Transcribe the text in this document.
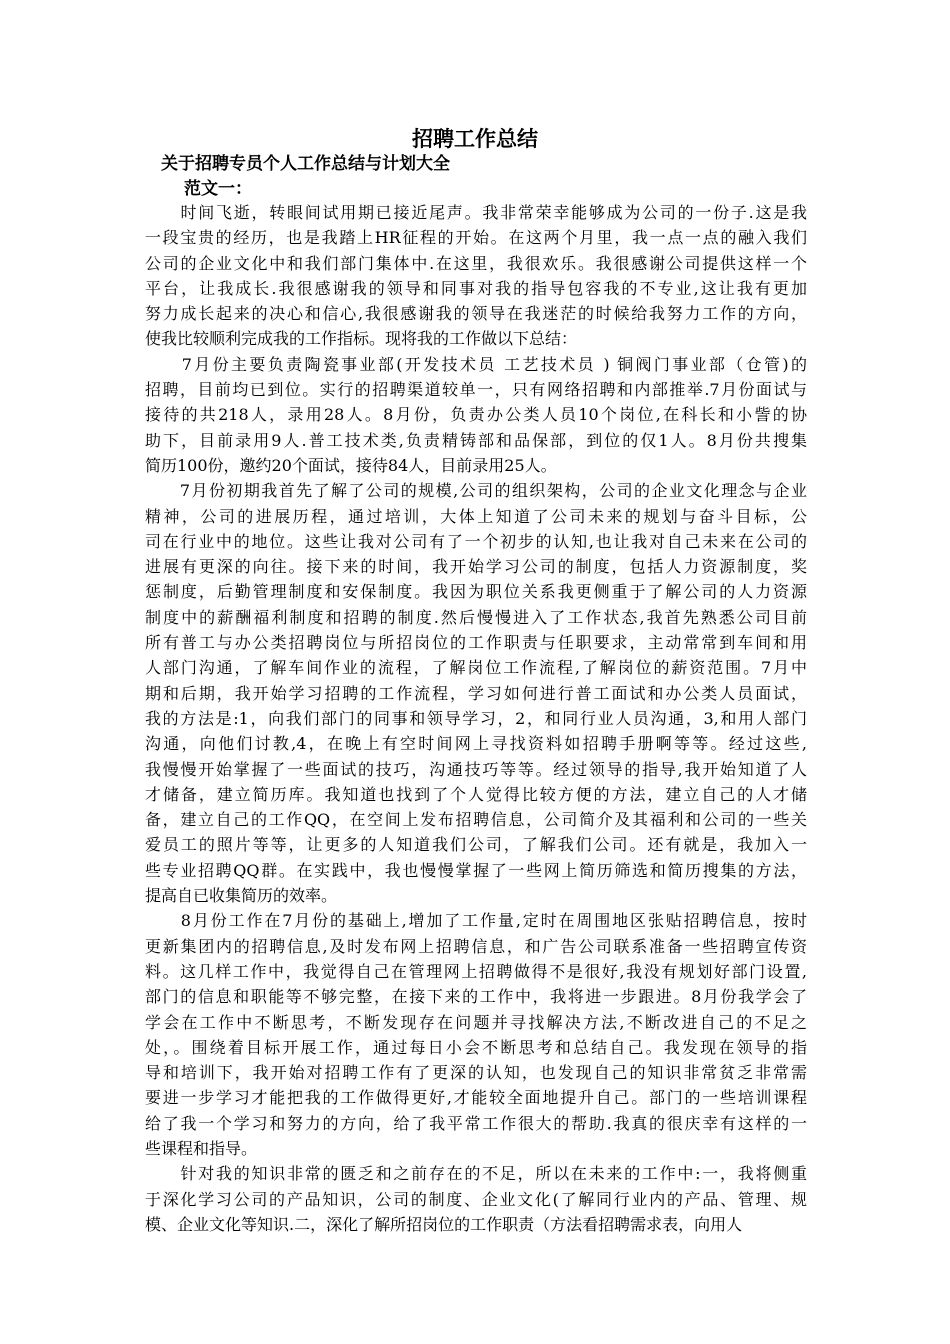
招聘工作总结
关于招聘专员个人工作总结与计划大全
范文一：
　　时间飞逝，转眼间试用期已接近尾声。我非常荣幸能够成为公司的一份子.这是我
一段宝贵的经历，也是我踏上HR征程的开始。在这两个月里，我一点一点的融入我们
公司的企业文化中和我们部门集体中.在这里，我很欢乐。我很感谢公司提供这样一个
平台，让我成长.我很感谢我的领导和同事对我的指导包容我的不专业,这让我有更加
努力成长起来的决心和信心,我很感谢我的领导在我迷茫的时候给我努力工作的方向，
使我比较顺利完成我的工作指标。现将我的工作做以下总结：
　　7月份主要负责陶瓷事业部(开发技术员 工艺技术员 ) 铜阀门事业部（仓管)的
招聘，目前均已到位。实行的招聘渠道较单一，只有网络招聘和内部推举.7月份面试与
接待的共218人，录用28人。8月份，负责办公类人员10个岗位,在科长和小訾的协
助下，目前录用9人.普工技术类,负责精铸部和品保部，到位的仅1人。8月份共搜集
简历100份，邀约20个面试，接待84人，目前录用25人。
　　7月份初期我首先了解了公司的规模,公司的组织架构，公司的企业文化理念与企业
精神，公司的进展历程，通过培训，大体上知道了公司未来的规划与奋斗目标，公
司在行业中的地位。这些让我对公司有了一个初步的认知,也让我对自己未来在公司的
进展有更深的向往。接下来的时间，我开始学习公司的制度，包括人力资源制度，奖
惩制度，后勤管理制度和安保制度。我因为职位关系我更侧重于了解公司的人力资源
制度中的薪酬福利制度和招聘的制度.然后慢慢进入了工作状态,我首先熟悉公司目前
所有普工与办公类招聘岗位与所招岗位的工作职责与任职要求，主动常常到车间和用
人部门沟通，了解车间作业的流程，了解岗位工作流程,了解岗位的薪资范围。7月中
期和后期，我开始学习招聘的工作流程，学习如何进行普工面试和办公类人员面试，
我的方法是:1，向我们部门的同事和领导学习，2，和同行业人员沟通，3,和用人部门
沟通，向他们讨教,4，在晚上有空时间网上寻找资料如招聘手册啊等等。经过这些,
我慢慢开始掌握了一些面试的技巧，沟通技巧等等。经过领导的指导,我开始知道了人
才储备，建立简历库。我知道也找到了个人觉得比较方便的方法，建立自己的人才储
备，建立自己的工作QQ，在空间上发布招聘信息，公司简介及其福利和公司的一些关
爱员工的照片等等，让更多的人知道我们公司，了解我们公司。还有就是，我加入一
些专业招聘QQ群。在实践中，我也慢慢掌握了一些网上简历筛选和简历搜集的方法，
提高自已收集简历的效率。
　　8月份工作在7月份的基础上,增加了工作量,定时在周围地区张贴招聘信息，按时
更新集团内的招聘信息,及时发布网上招聘信息，和广告公司联系准备一些招聘宣传资
料。这几样工作中，我觉得自己在管理网上招聘做得不是很好,我没有规划好部门设置,
部门的信息和职能等不够完整，在接下来的工作中，我将进一步跟进。8月份我学会了
学会在工作中不断思考，不断发现存在问题并寻找解决方法,不断改进自己的不足之
处，。围绕着目标开展工作，通过每日小会不断思考和总结自己。我发现在领导的指
导和培训下，我开始对招聘工作有了更深的认知，也发现自己的知识非常贫乏非常需
要进一步学习才能把我的工作做得更好,才能较全面地提升自己。部门的一些培训课程
给了我一个学习和努力的方向，给了我平常工作很大的帮助.我真的很庆幸有这样的一
些课程和指导。
　　针对我的知识非常的匮乏和之前存在的不足，所以在未来的工作中:一，我将侧重
于深化学习公司的产品知识，公司的制度、企业文化(了解同行业内的产品、管理、规
模、企业文化等知识.二，深化了解所招岗位的工作职责（方法看招聘需求表，向用人
